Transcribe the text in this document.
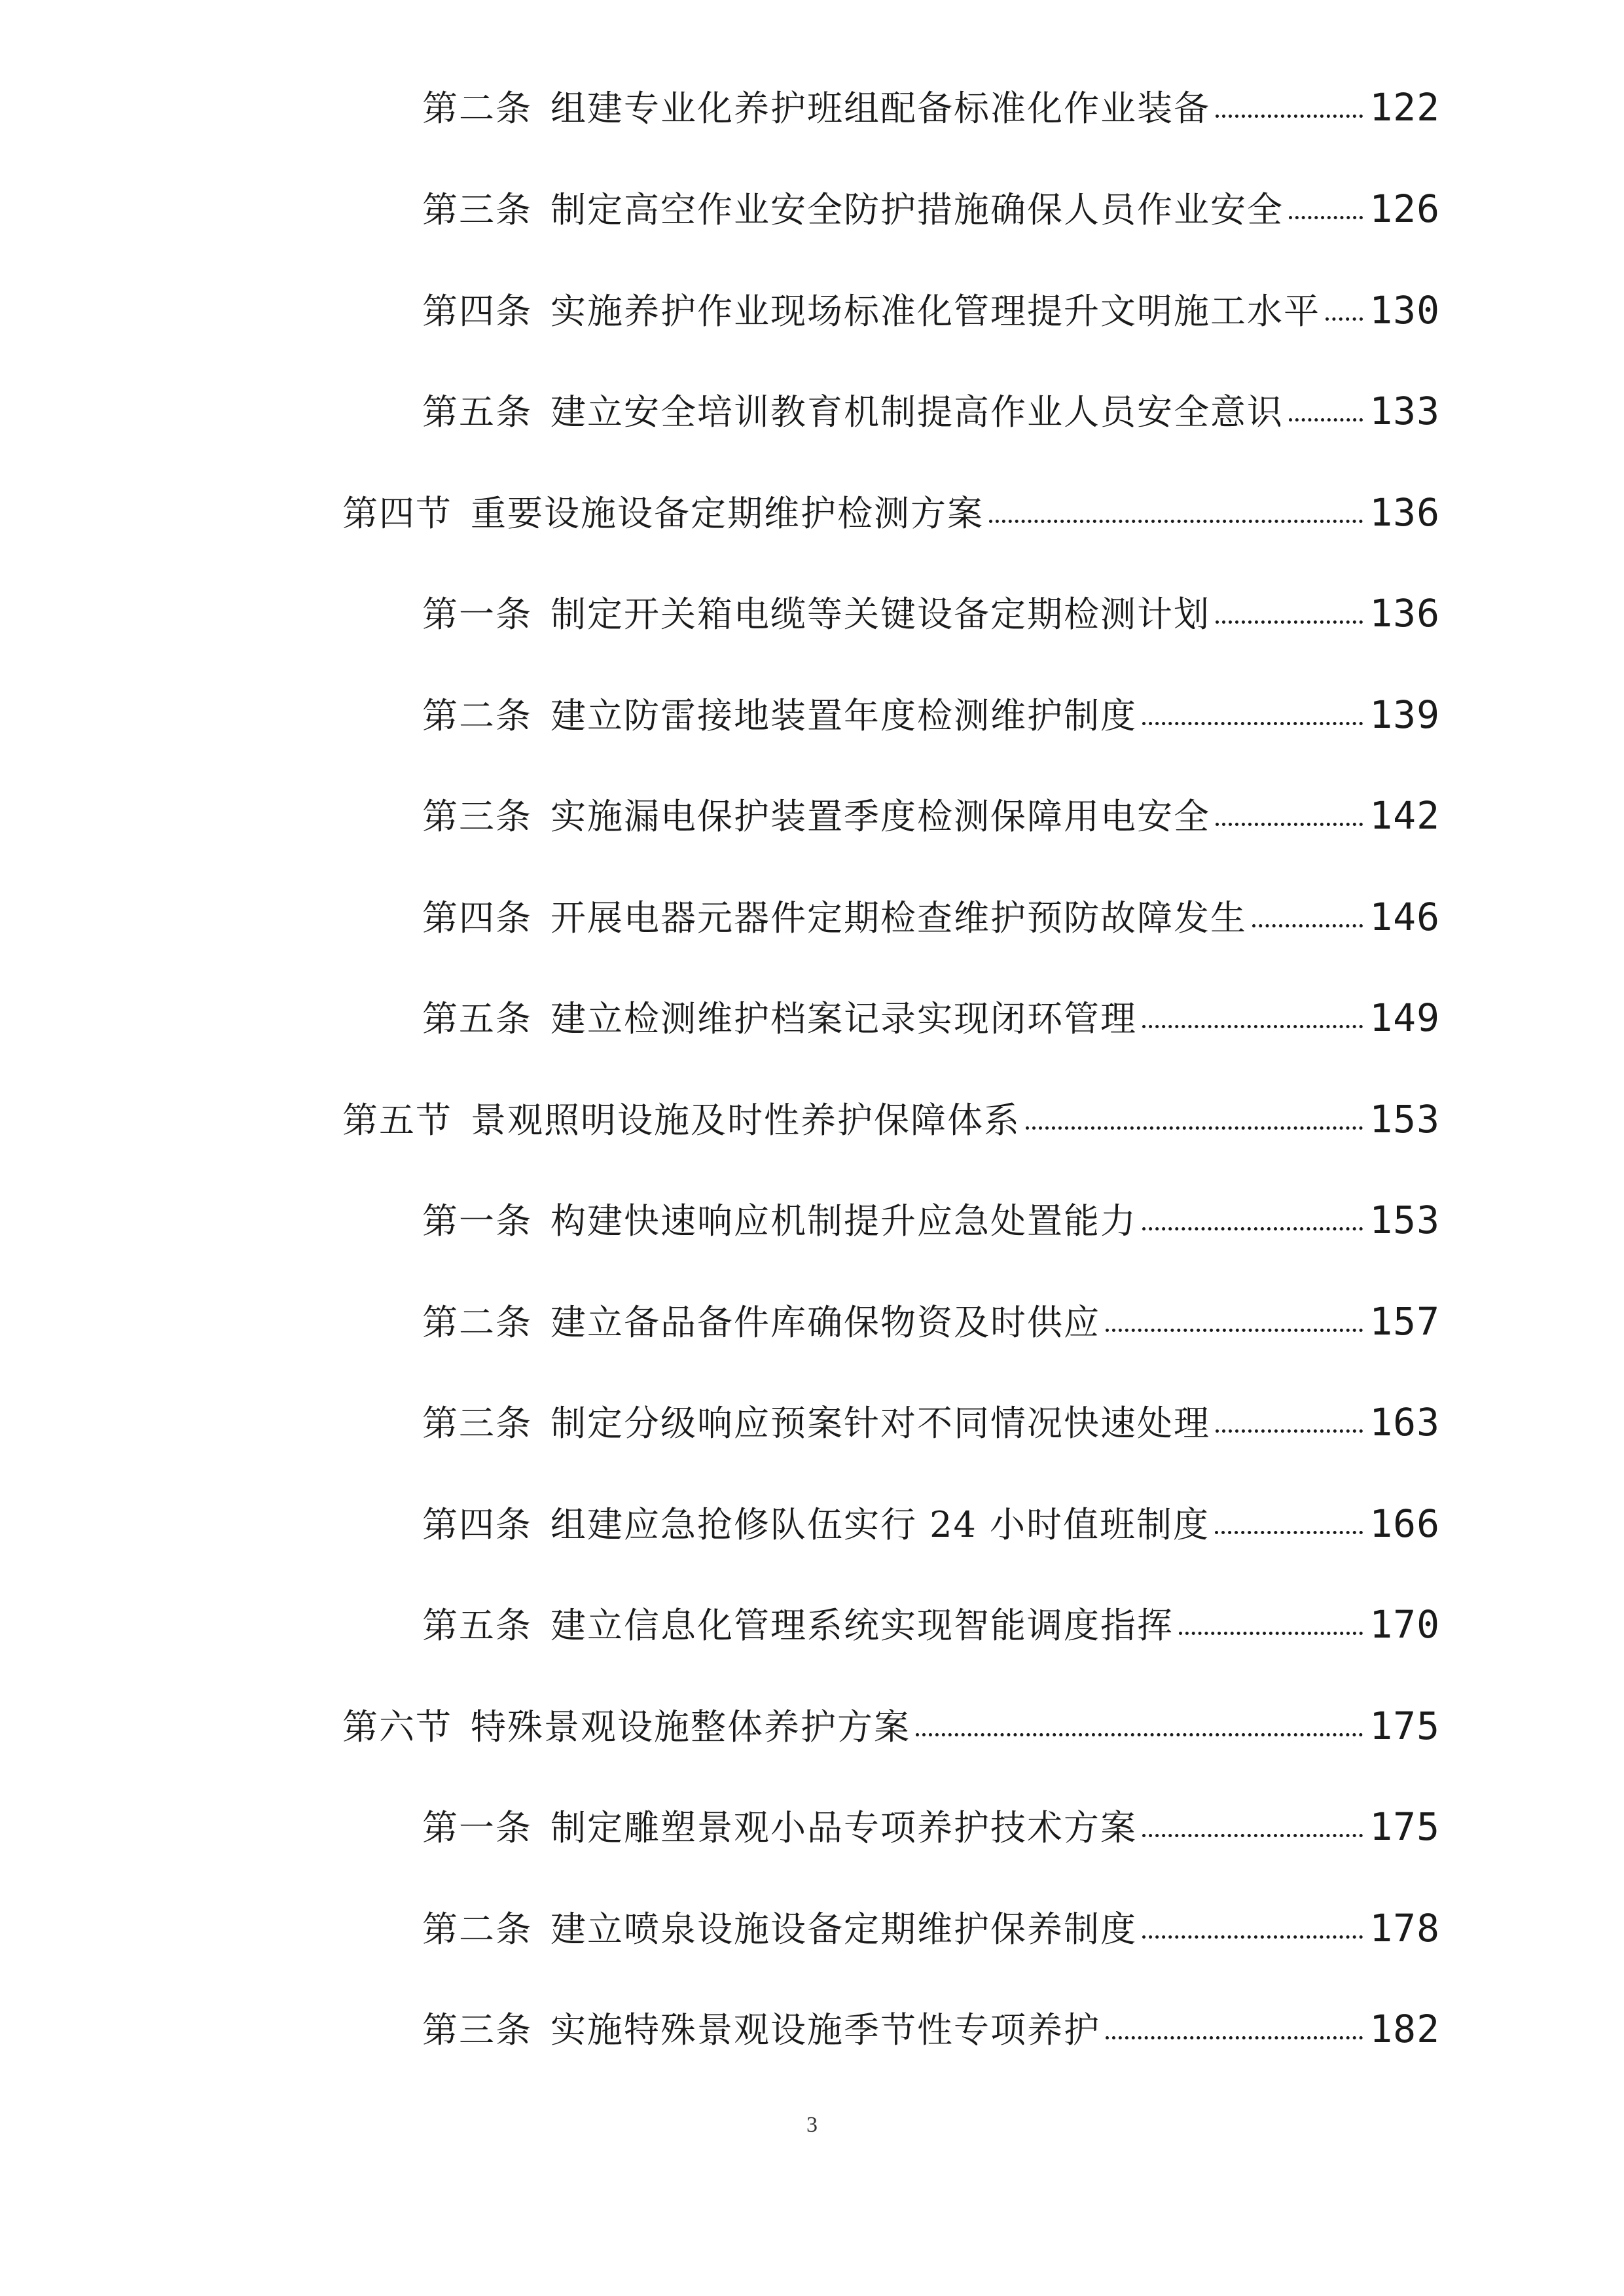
第二条 组建专业化养护班组配备标准化作业装备	122
第三条 制定高空作业安全防护措施确保人员作业安全 126
第四条 实施养护作业现场标准化管理提升文明施工水平 130
第五条 建立安全培训教育机制提高作业人员安全意识 133
第四节 重要设施设备定期维护检测方案	136
第一条 制定开关箱电缆等关键设备定期检测计划	136
第二条 建立防雷接地装置年度检测维护制度	139
第三条 实施漏电保护装置季度检测保障用电安全	142
第四条 开展电器元器件定期检查维护预防故障发生	146
第五条 建立检测维护档案记录实现闭环管理	149
第五节 景观照明设施及时性养护保障体系	153
第一条 构建快速响应机制提升应急处置能力	153
第二条 建立备品备件库确保物资及时供应	157
第三条 制定分级响应预案针对不同情况快速处理	163
第四条 组建应急抢修队伍实行 24 小时值班制度	166
第五条 建立信息化管理系统实现智能调度指挥	170
第六节 特殊景观设施整体养护方案	175
第一条 制定雕塑景观小品专项养护技术方案	175
第二条 建立喷泉设施设备定期维护保养制度	178
第三条 实施特殊景观设施季节性专项养护	182
3
